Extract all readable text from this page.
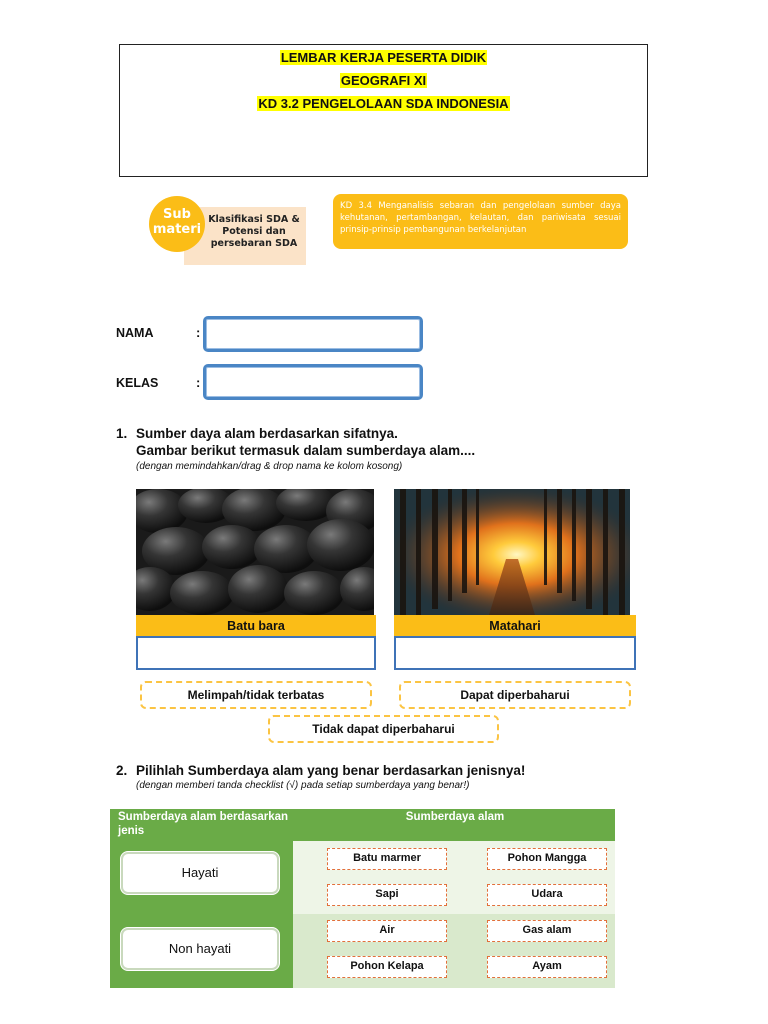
LEMBAR KERJA PESERTA DIDIK
GEOGRAFI XI
KD 3.2 PENGELOLAAN SDA INDONESIA
Sub materi
Klasifikasi SDA & Potensi dan persebaran SDA
KD 3.4 Menganalisis sebaran dan pengelolaan sumber daya kehutanan, pertambangan, kelautan, dan pariwisata sesuai prinsip-prinsip pembangunan berkelanjutan
NAMA	:
KELAS	:
1. Sumber daya alam berdasarkan sifatnya.
Gambar berikut termasuk dalam sumberdaya alam....
(dengan memindahkan/drag & drop nama ke kolom kosong)
Batu bara	Matahari
Melimpah/tidak terbatas	Dapat diperbaharui
Tidak dapat diperbaharui
2. Pilihlah Sumberdaya alam yang benar berdasarkan jenisnya!
(dengan memberi tanda checklist (√) pada setiap sumberdaya yang benar!)
Sumberdaya alam berdasarkan jenis
Sumberdaya alam
Hayati
Batu marmer	Pohon Mangga
Sapi	Udara
Non hayati
Air	Gas alam
Pohon Kelapa	Ayam
